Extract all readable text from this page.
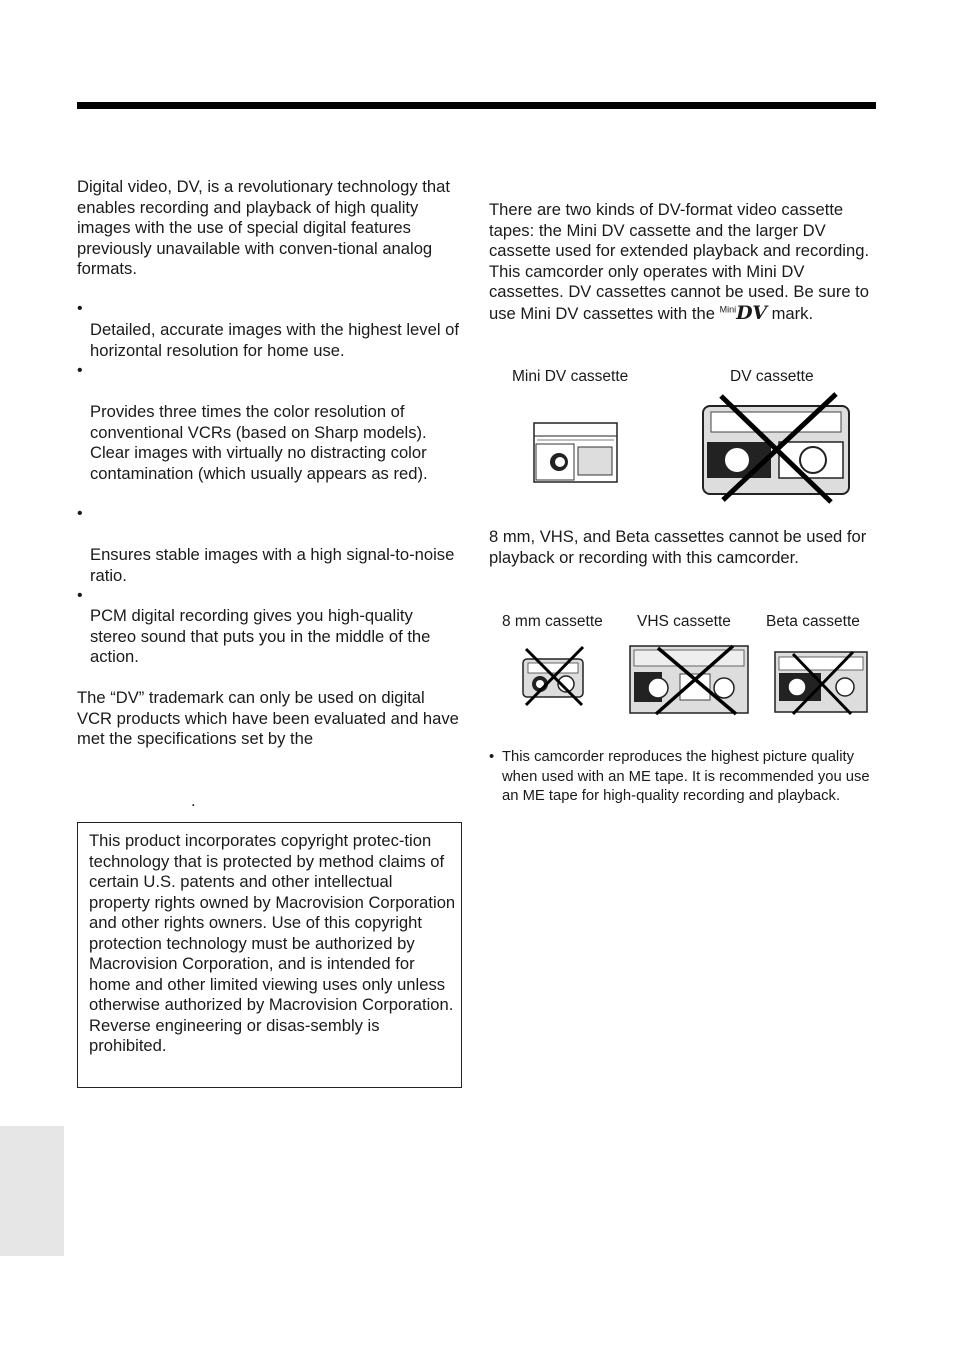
Digital video, DV, is a revolutionary technology that enables recording and playback of high quality images with the use of special digital features previously unavailable with conven-tional analog formats.

•

Detailed, accurate images with the highest level of horizontal resolution for home use.

•

Provides three times the color resolution of conventional VCRs (based on Sharp models). Clear images with virtually no distracting color contamination (which usually appears as red).

•

Ensures stable images with a high signal-to-noise ratio.

•

PCM digital recording gives you high-quality stereo sound that puts you in the middle of the action.

The “DV” trademark can only be used on digital VCR products which have been evaluated and have met the specifications set by the

.

This product incorporates copyright protec-tion technology that is protected by method claims of certain U.S. patents and other intellectual property rights owned by Macrovision Corporation and other rights owners. Use of this copyright protection technology must be authorized by Macrovision Corporation, and is intended for home and other limited viewing uses only unless otherwise authorized by Macrovision Corporation. Reverse engineering or disas-sembly is prohibited.

There are two kinds of DV-format video cassette tapes: the Mini DV cassette and the larger DV cassette used for extended playback and recording. This camcorder only operates with Mini DV cassettes. DV cassettes cannot be used. Be sure to use Mini DV cassettes with the $^{Mini}$DV mark.

Mini DV cassette	DV cassette

8 mm, VHS, and Beta cassettes cannot be used for playback or recording with this camcorder.

8 mm cassette VHS cassette Beta cassette
• This camcorder reproduces the highest picture quality when used with an ME tape. It is recommended you use an ME tape for high-quality recording and playback.
